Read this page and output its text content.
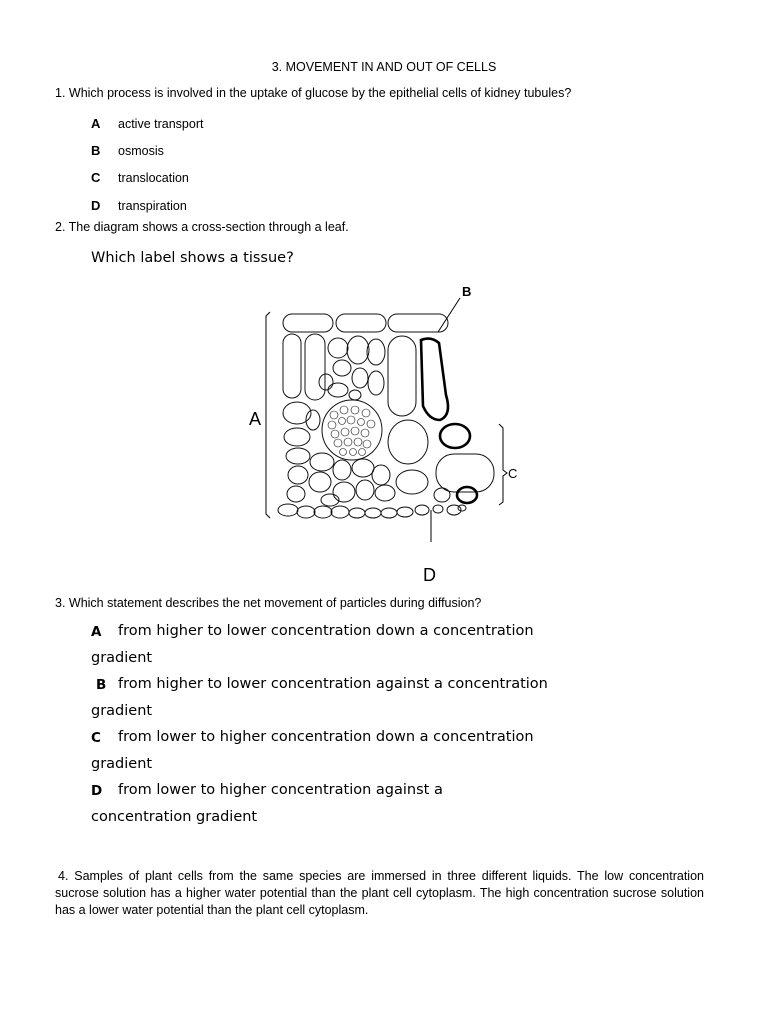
3. MOVEMENT IN AND OUT OF CELLS
1. Which process is involved in the uptake of glucose by the epithelial cells of kidney tubules?
A active transport
B osmosis
C translocation
D transpiration
2. The diagram shows a cross-section through a leaf.
Which label shows a tissue?
A
B
C
D
3. Which statement describes the net movement of particles during diffusion?
A from higher to lower concentration down a concentration
gradient
B from higher to lower concentration against a concentration
gradient
C from lower to higher concentration down a concentration
gradient
D from lower to higher concentration against a
concentration gradient
4. Samples of plant cells from the same species are immersed in three different liquids. The low concentration sucrose solution has a higher water potential than the plant cell cytoplasm. The high concentration sucrose solution has a lower water potential than the plant cell cytoplasm.
